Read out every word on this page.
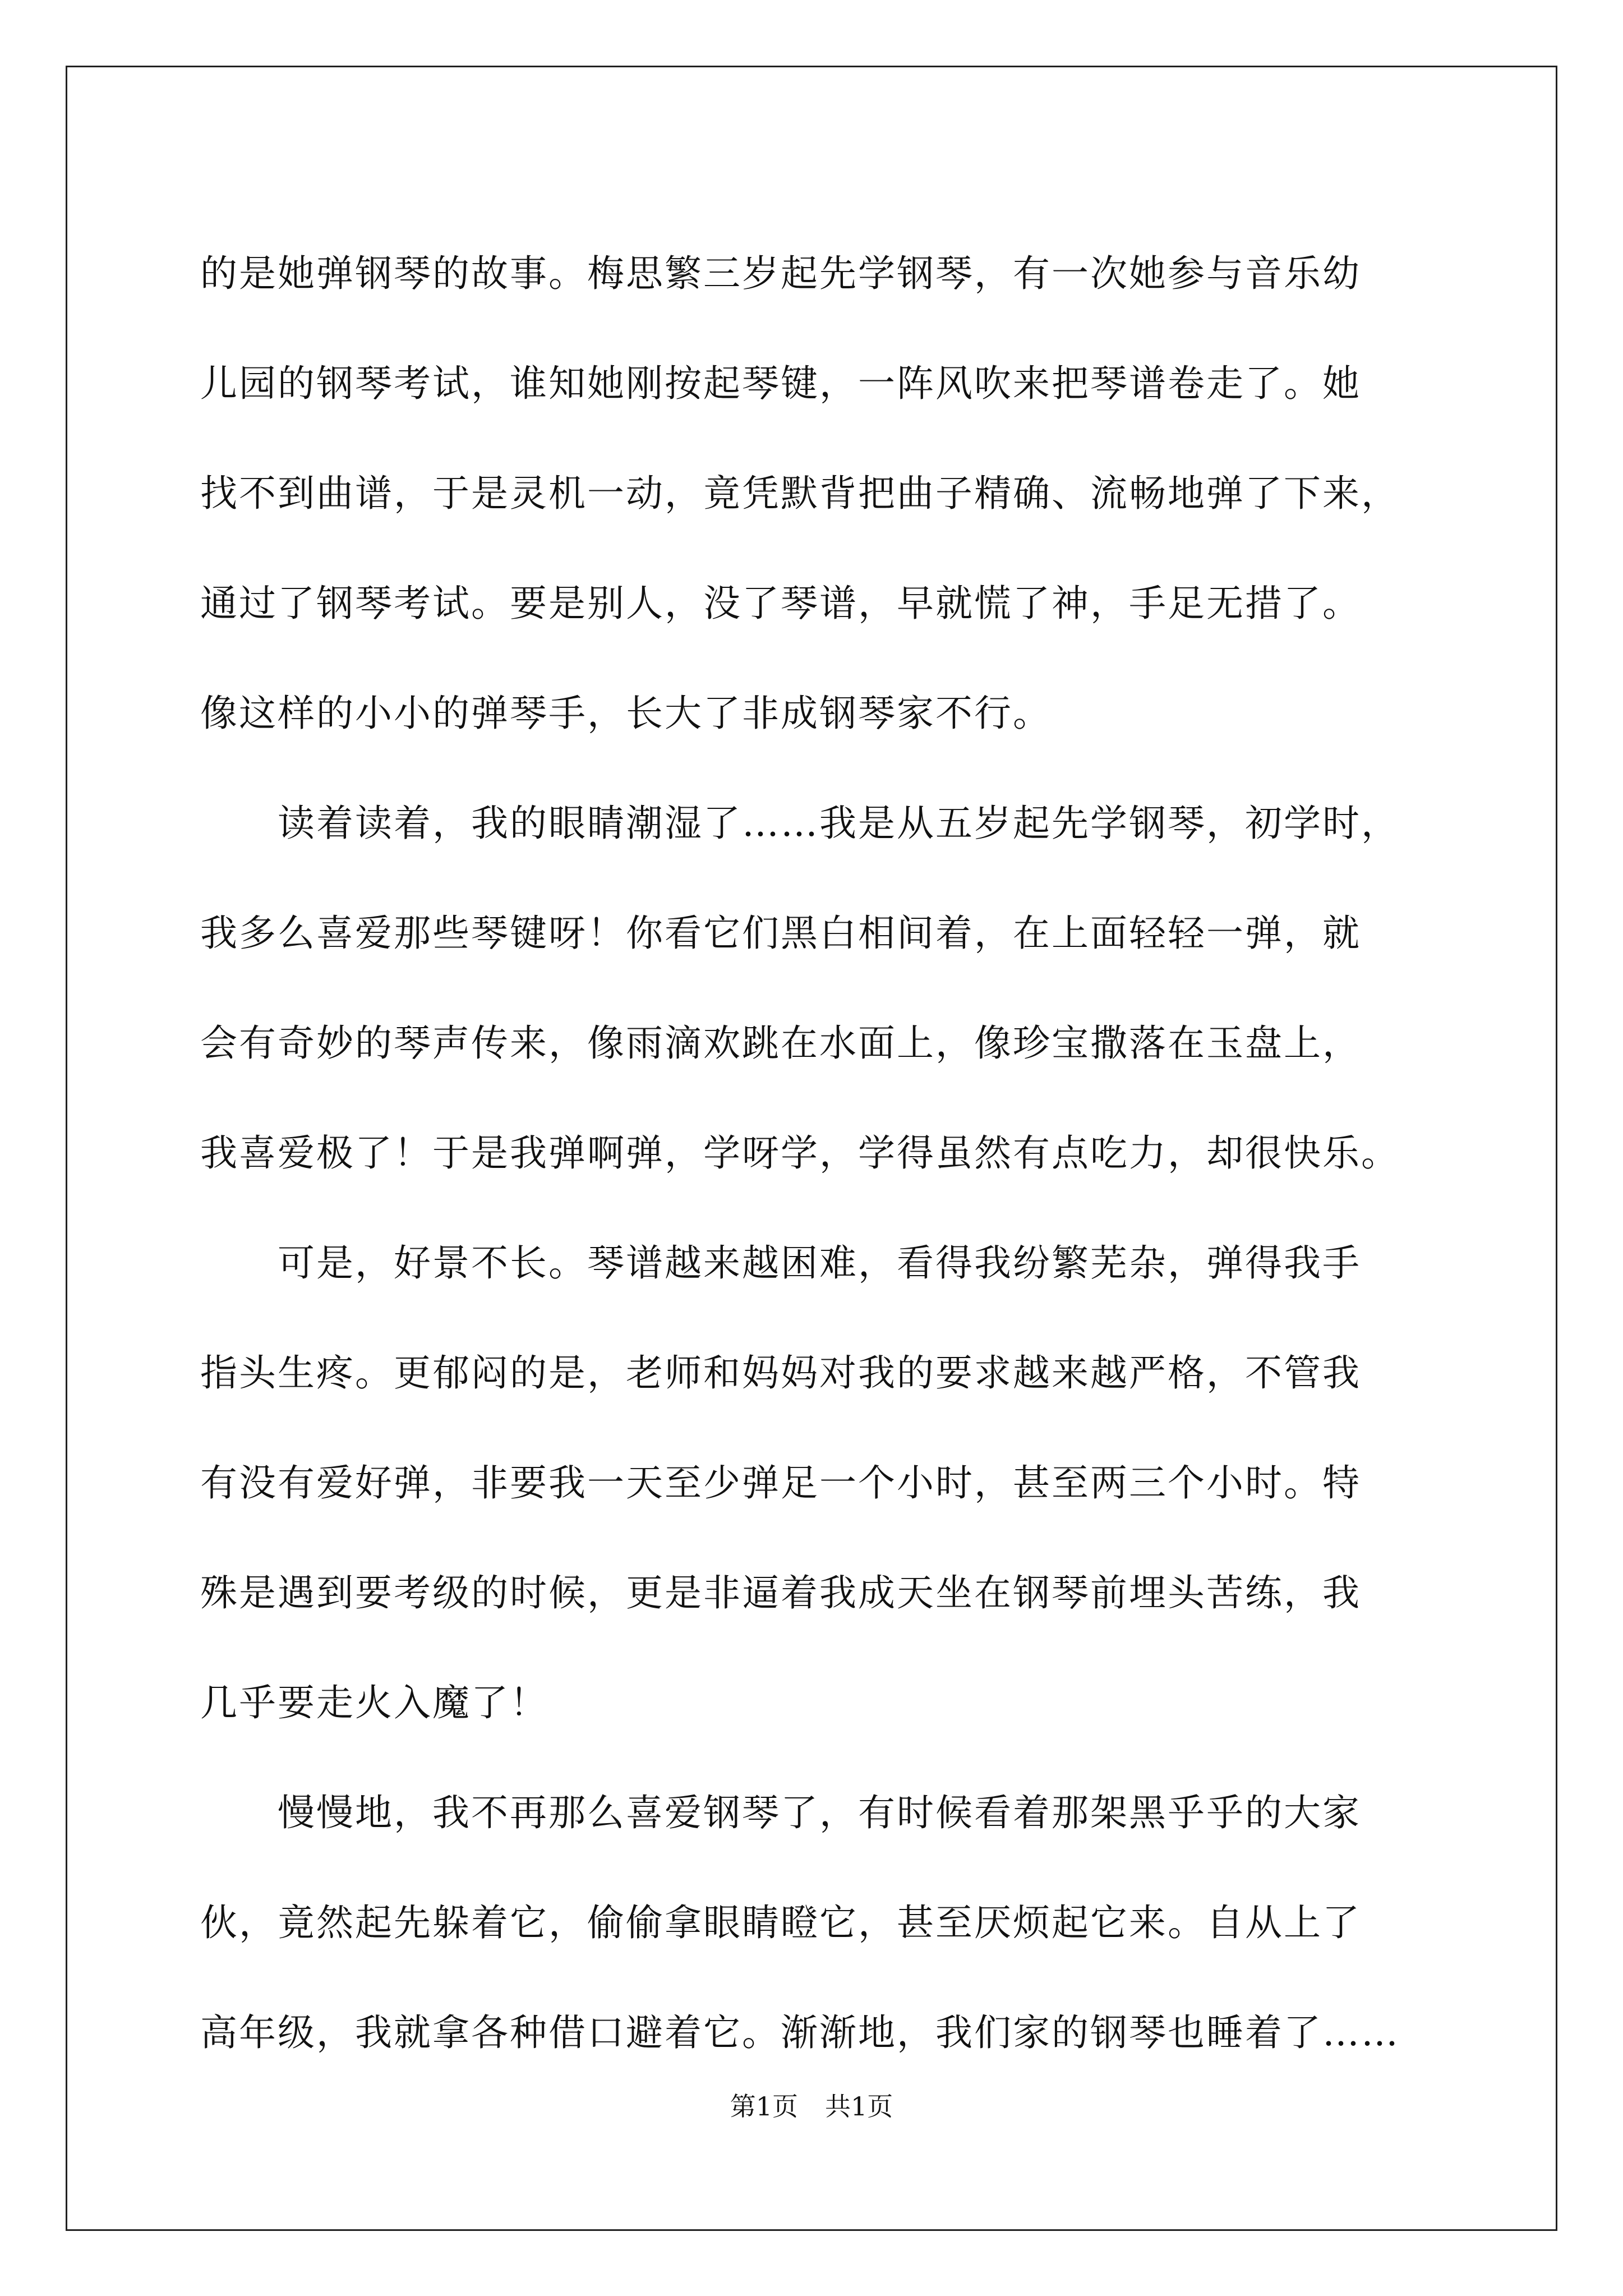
的是她弹钢琴的故事。梅思繁三岁起先学钢琴，有一次她参与音乐幼
儿园的钢琴考试，谁知她刚按起琴键，一阵风吹来把琴谱卷走了。她
找不到曲谱，于是灵机一动，竟凭默背把曲子精确、流畅地弹了下来，
通过了钢琴考试。要是别人，没了琴谱，早就慌了神，手足无措了。
像这样的小小的弹琴手，长大了非成钢琴家不行。
　　读着读着，我的眼睛潮湿了……我是从五岁起先学钢琴，初学时，
我多么喜爱那些琴键呀！你看它们黑白相间着，在上面轻轻一弹，就
会有奇妙的琴声传来，像雨滴欢跳在水面上，像珍宝撒落在玉盘上，
我喜爱极了！于是我弹啊弹，学呀学，学得虽然有点吃力，却很快乐。
　　可是，好景不长。琴谱越来越困难，看得我纷繁芜杂，弹得我手
指头生疼。更郁闷的是，老师和妈妈对我的要求越来越严格，不管我
有没有爱好弹，非要我一天至少弹足一个小时，甚至两三个小时。特
殊是遇到要考级的时候，更是非逼着我成天坐在钢琴前埋头苦练，我
几乎要走火入魔了！
　　慢慢地，我不再那么喜爱钢琴了，有时候看着那架黑乎乎的大家
伙，竟然起先躲着它，偷偷拿眼睛瞪它，甚至厌烦起它来。自从上了
高年级，我就拿各种借口避着它。渐渐地，我们家的钢琴也睡着了……
第1页 共1页
